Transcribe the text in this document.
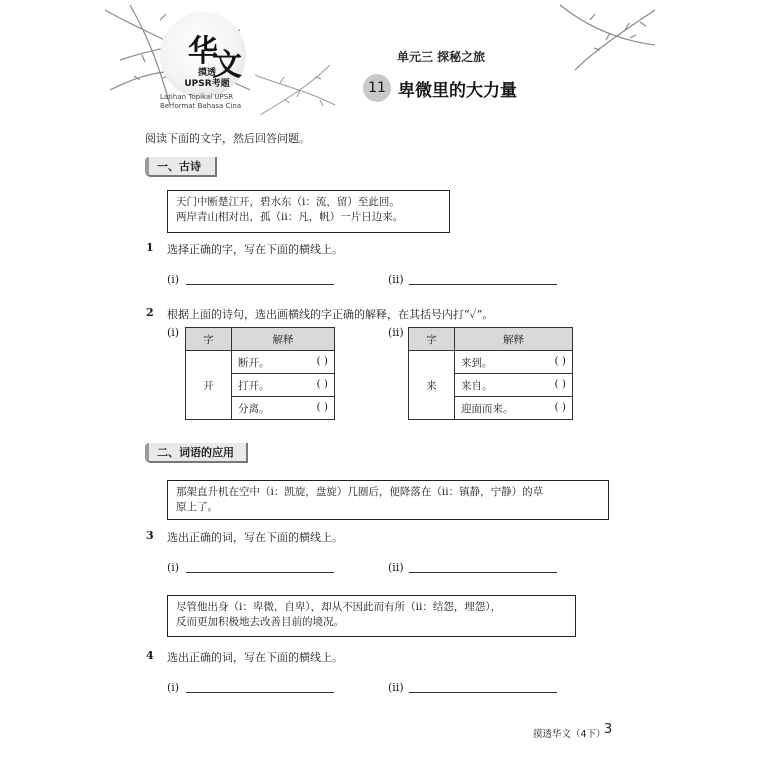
华
文
摸透
UPSR考题
Latihan Topikal UPSR
Berformat Bahasa Cina
单元三 探秘之旅
11 卑微里的大力量
阅读下面的文字，然后回答问题。
一、古诗
天门中断楚江开，碧水东（i：流，留）至此回。
两岸青山相对出，孤（ii：凡，帆）一片日边来。
1 选择正确的字，写在下面的横线上。
(i)	(ii)
2 根据上面的诗句，选出画横线的字正确的解释，在其括号内打“✓”。
(i)
字	解释
开	断开。 ( )

	打开。 ( )

	分离。 ( )
(ii)
字	解释
来	来到。 ( )

	来自。 ( )

	迎面而来。 ( )
二、词语的应用
那架直升机在空中（i：凯旋，盘旋）几圈后，便降落在（ii：镇静，宁静）的草
原上了。
3 选出正确的词，写在下面的横线上。
(i)	(ii)
尽管他出身（i：卑微，自卑），却从不因此而有所（ii：结怨，埋怨），
反而更加积极地去改善目前的境况。
4 选出正确的词，写在下面的横线上。
(i)	(ii)
摸透华文（4下）
3
